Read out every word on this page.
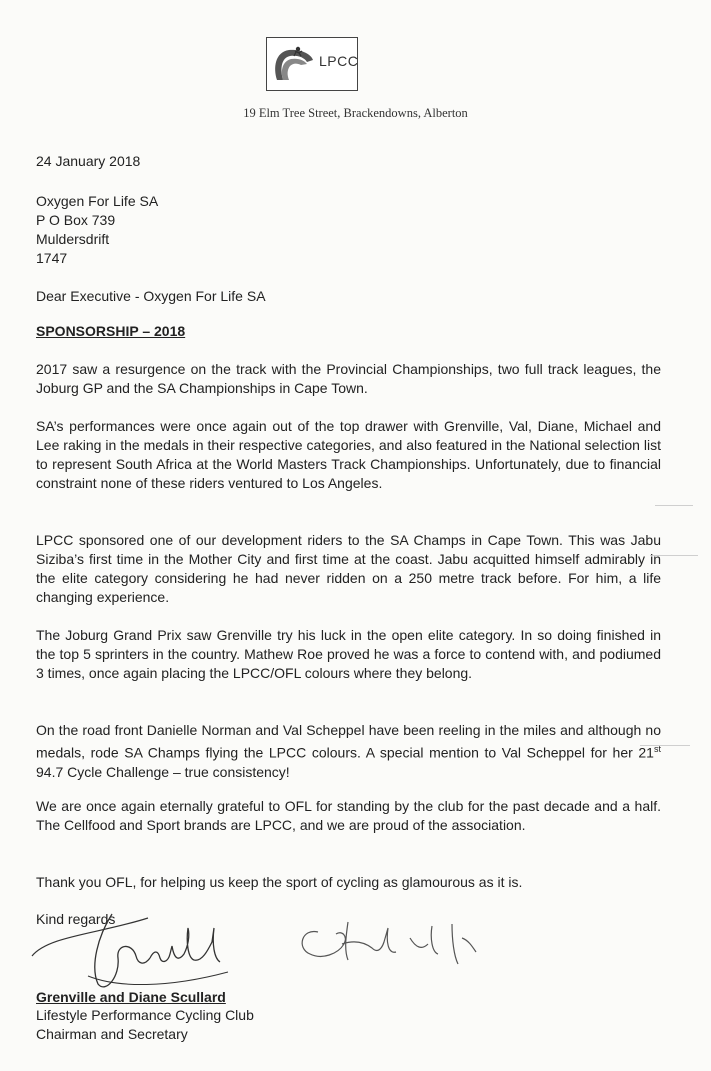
LPCC
19 Elm Tree Street, Brackendowns, Alberton
24 January 2018
Oxygen For Life SA
P O Box 739
Muldersdrift
1747
Dear Executive - Oxygen For Life SA
SPONSORSHIP – 2018
2017 saw a resurgence on the track with the Provincial Championships, two full track leagues, the Joburg GP and the SA Championships in Cape Town.
SA’s performances were once again out of the top drawer with Grenville, Val, Diane, Michael and Lee raking in the medals in their respective categories, and also featured in the National selection list to represent South Africa at the World Masters Track Championships. Unfortunately, due to financial constraint none of these riders ventured to Los Angeles.
LPCC sponsored one of our development riders to the SA Champs in Cape Town. This was Jabu Siziba’s first time in the Mother City and first time at the coast. Jabu acquitted himself admirably in the elite category considering he had never ridden on a 250 metre track before. For him, a life changing experience.
The Joburg Grand Prix saw Grenville try his luck in the open elite category. In so doing finished in the top 5 sprinters in the country. Mathew Roe proved he was a force to contend with, and podiumed 3 times, once again placing the LPCC/OFL colours where they belong.
On the road front Danielle Norman and Val Scheppel have been reeling in the miles and although no medals, rode SA Champs flying the LPCC colours. A special mention to Val Scheppel for her 21st 94.7 Cycle Challenge – true consistency!
We are once again eternally grateful to OFL for standing by the club for the past decade and a half. The Cellfood and Sport brands are LPCC, and we are proud of the association.
Thank you OFL, for helping us keep the sport of cycling as glamourous as it is.
Kind regards
Grenville and Diane Scullard
Lifestyle Performance Cycling Club
Chairman and Secretary
